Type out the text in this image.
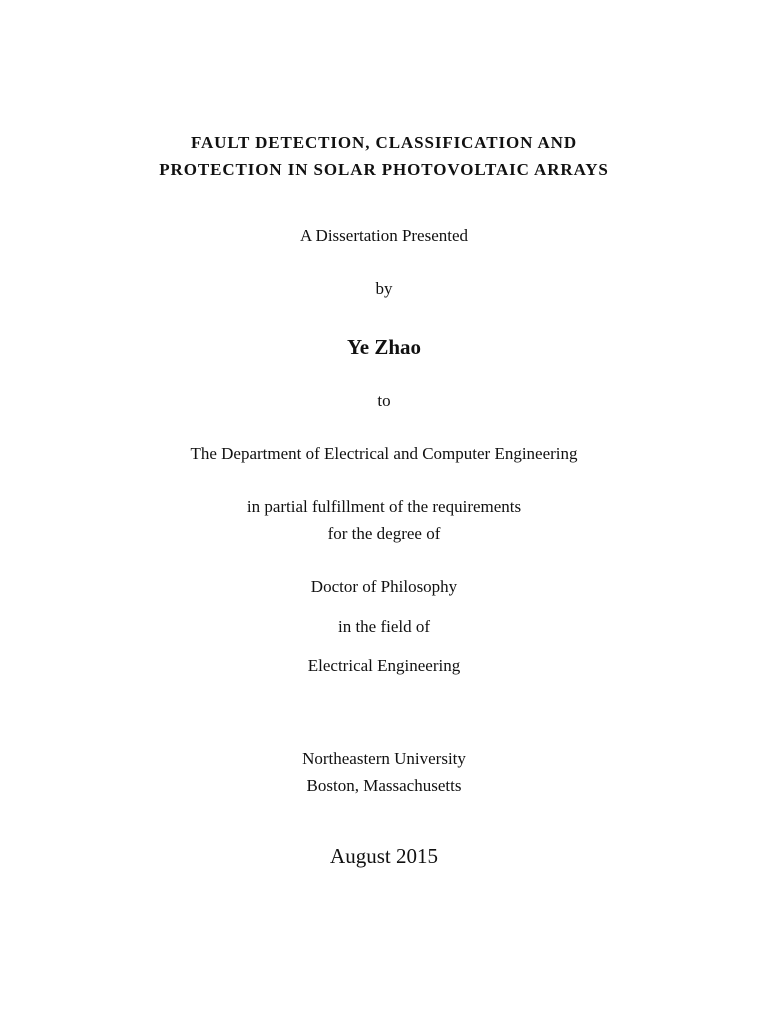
FAULT DETECTION, CLASSIFICATION AND
PROTECTION IN SOLAR PHOTOVOLTAIC ARRAYS
A Dissertation Presented
by
Ye Zhao
to
The Department of Electrical and Computer Engineering
in partial fulfillment of the requirements
for the degree of
Doctor of Philosophy
in the field of
Electrical Engineering
Northeastern University
Boston, Massachusetts
August 2015
